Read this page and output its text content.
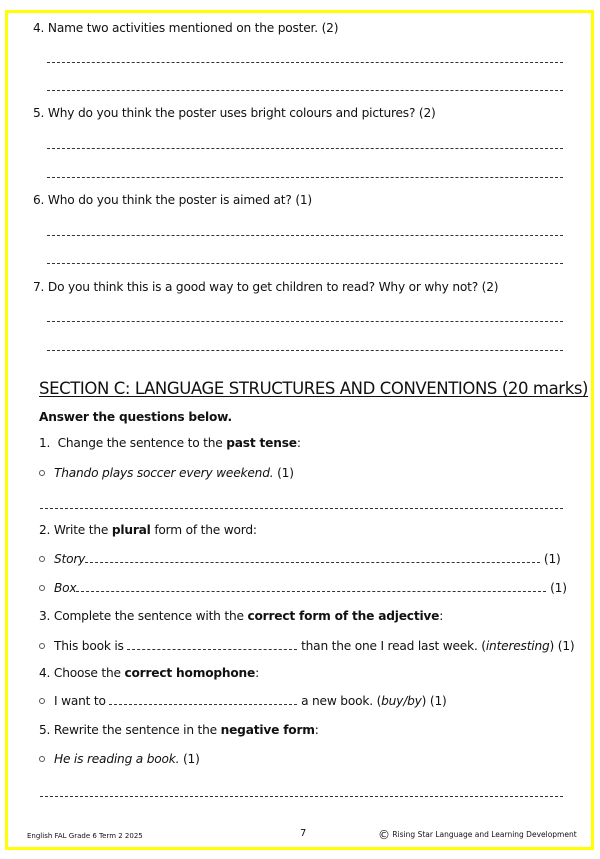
4. Name two activities mentioned on the poster. (2)
5. Why do you think the poster uses bright colours and pictures? (2)
6. Who do you think the poster is aimed at? (1)
7. Do you think this is a good way to get children to read? Why or why not? (2)
SECTION C: LANGUAGE STRUCTURES AND CONVENTIONS (20 marks)
Answer the questions below.
1. Change the sentence to the past tense:
Thando plays soccer every weekend. (1)
2. Write the plural form of the word:
Story	(1)
Box	(1)
3. Complete the sentence with the correct form of the adjective:
This book is	than the one I read last week. (interesting) (1)
4. Choose the correct homophone:
I want to	a new book. (buy/by) (1)
5. Rewrite the sentence in the negative form:
He is reading a book. (1)
English FAL Grade 6 Term 2 2025	7	© Rising Star Language and Learning Development
